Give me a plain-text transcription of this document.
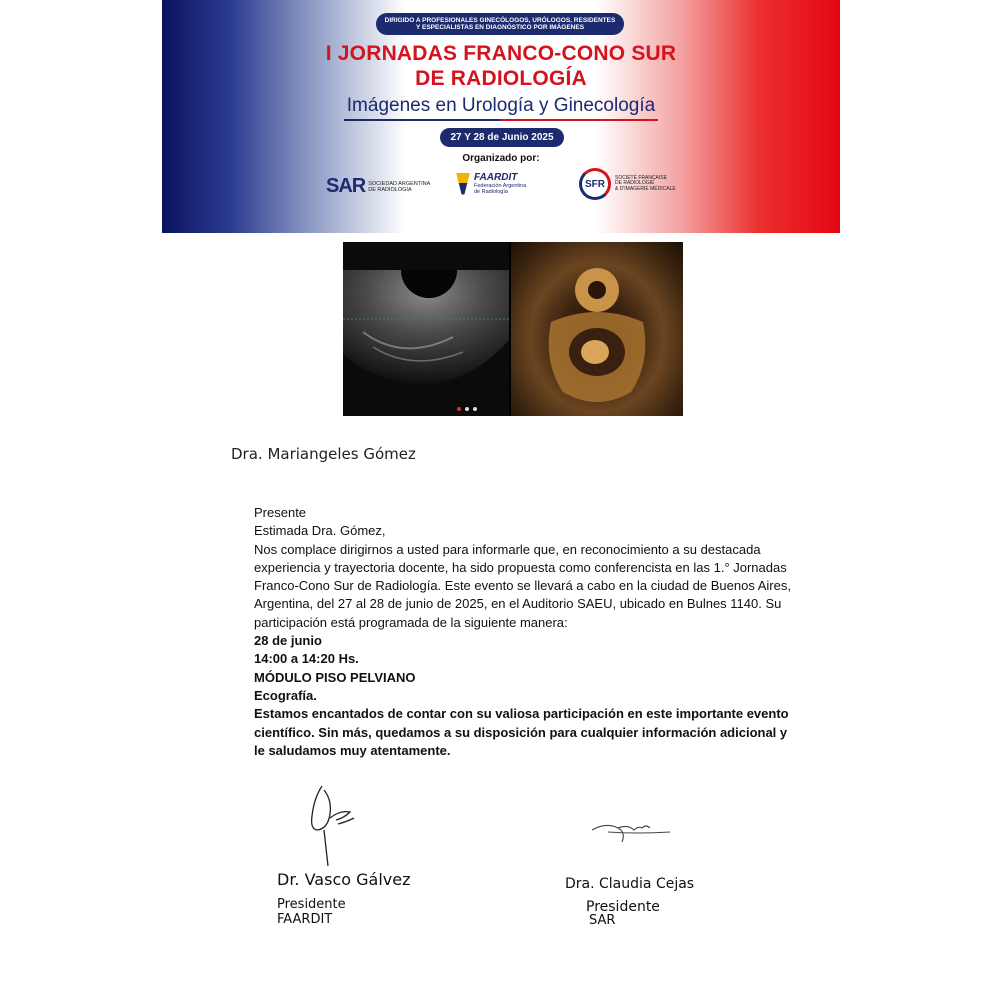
DIRIGIDO A PROFESIONALES GINECÓLOGOS, URÓLOGOS, RESIDENTES
Y ESPECIALISTAS EN DIAGNÓSTICO POR IMÁGENES
I JORNADAS FRANCO-CONO SUR
DE RADIOLOGÍA
Imágenes en Urología y Ginecología
27 Y 28 de Junio 2025
Organizado por:
SAR SOCIEDAD ARGENTINA
DE RADIOLOGÍA
FAARDIT
Federación Argentina
de Radiología
SFR
SOCIÉTÉ FRANÇAISE
DE RADIOLOGIE
& D'IMAGERIE MÉDICALE
Dra. Mariangeles Gómez

Presente

Estimada Dra. Gómez,

Nos complace dirigirnos a usted para informarle que, en reconocimiento a su destacada experiencia y trayectoria docente, ha sido propuesta como conferencista en las 1.° Jornadas Franco-Cono Sur de Radiología. Este evento se llevará a cabo en la ciudad de Buenos Aires, Argentina, del 27 al 28 de junio de 2025, en el Auditorio SAEU, ubicado en Bulnes 1140. Su participación está programada de la siguiente manera:

28 de junio

14:00 a 14:20 Hs.

MÓDULO PISO PELVIANO

Ecografía.

Estamos encantados de contar con su valiosa participación en este importante evento científico. Sin más, quedamos a su disposición para cualquier información adicional y le saludamos muy atentamente.

Dr. Vasco Gálvez
Presidente
FAARDIT
Dra. Claudia Cejas
Presidente
SAR
